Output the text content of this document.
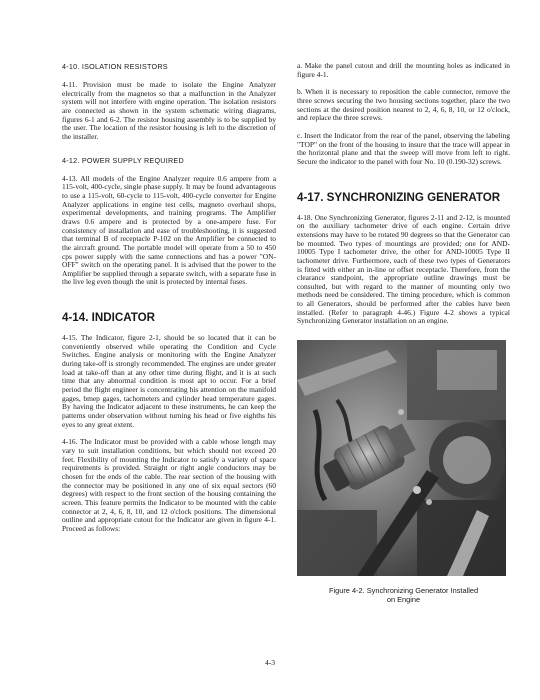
4-10. ISOLATION RESISTORS

4-11. Provision must be made to isolate the Engine Analyzer electrically from the magnetos so that a malfunction in the Analyzer system will not interfere with engine operation. The isolation resistors are connected as shown in the system schematic wiring diagrams, figures 6-1 and 6-2. The resistor housing assembly is to be supplied by the user. The location of the resistor housing is left to the discretion of the installer.

4-12. POWER SUPPLY REQUIRED

4-13. All models of the Engine Analyzer require 0.6 ampere from a 115-volt, 400-cycle, single phase supply. It may be found advantageous to use a 115-volt, 60-cycle to 115-volt, 400-cycle converter for Engine Analyzer applications in engine test cells, magneto overhaul shops, experimental developments, and training programs. The Amplifier draws 0.6 ampere and is protected by a one-ampere fuse. For consistency of installation and ease of troubleshooting, it is suggested that terminal B of receptacle P-102 on the Amplifier be connected to the aircraft ground. The portable model will operate from a 50 to 450 cps power supply with the same connections and has a power "ON-OFF" switch on the operating panel. It is advised that the power to the Amplifier be supplied through a separate switch, with a separate fuse in the live leg even though the unit is protected by internal fuses.

4-14. INDICATOR

4-15. The Indicator, figure 2-1, should be so located that it can be conveniently observed while operating the Condition and Cycle Switches. Engine analysis or monitoring with the Engine Analyzer during take-off is strongly recommended. The engines are under greater load at take-off than at any other time during flight, and it is at such time that any abnormal condition is most apt to occur. For a brief period the flight engineer is concentrating his attention on the manifold gages, bmep gages, tachometers and cylinder head temperature gages. By having the Indicator adjacent to these instruments, he can keep the patterns under observation without turning his head or five eighths his eyes to any great extent.

4-16. The Indicator must be provided with a cable whose length may vary to suit installation conditions, but which should not exceed 20 feet. Flexibility of mounting the Indicator to satisfy a variety of space requirements is provided. Straight or right angle conductors may be chosen for the ends of the cable. The rear section of the housing with the connector may be positioned in any one of six equal sectors (60 degrees) with respect to the front section of the housing containing the screen. This feature permits the Indicator to be mounted with the cable connector at 2, 4, 6, 8, 10, and 12 o'clock positions. The dimensional outline and appropriate cutout for the Indicator are given in figure 4-1. Proceed as follows:

a. Make the panel cutout and drill the mounting holes as indicated in figure 4-1.

b. When it is necessary to reposition the cable connector, remove the three screws securing the two housing sections together, place the two sections at the desired position nearest to 2, 4, 6, 8, 10, or 12 o'clock, and replace the three screws.

c. Insert the Indicator from the rear of the panel, observing the labeling "TOP" on the front of the housing to insure that the trace will appear in the horizontal plane and that the sweep will move from left to right. Secure the indicator to the panel with four No. 10 (0.190-32) screws.

4-17. SYNCHRONIZING GENERATOR

4-18. One Synchronizing Generator, figures 2-11 and 2-12, is mounted on the auxiliary tachometer drive of each engine. Certain drive extensions may have to be rotated 90 degrees so that the Generator can be mounted. Two types of mountings are provided; one for AND-10005 Type I tachometer drive, the other for AND-10005 Type II tachometer drive. Furthermore, each of these two types of Generators is fitted with either an in-line or offset receptacle. Therefore, from the clearance standpoint, the appropriate outline drawings must be consulted, but with regard to the manner of mounting only two methods need be considered. The timing procedure, which is common to all Generators, should be performed after the cables have been installed. (Refer to paragraph 4-46.) Figure 4-2 shows a typical Synchronizing Generator installation on an engine.

Figure 4-2. Synchronizing Generator Installed
on Engine

4-3
